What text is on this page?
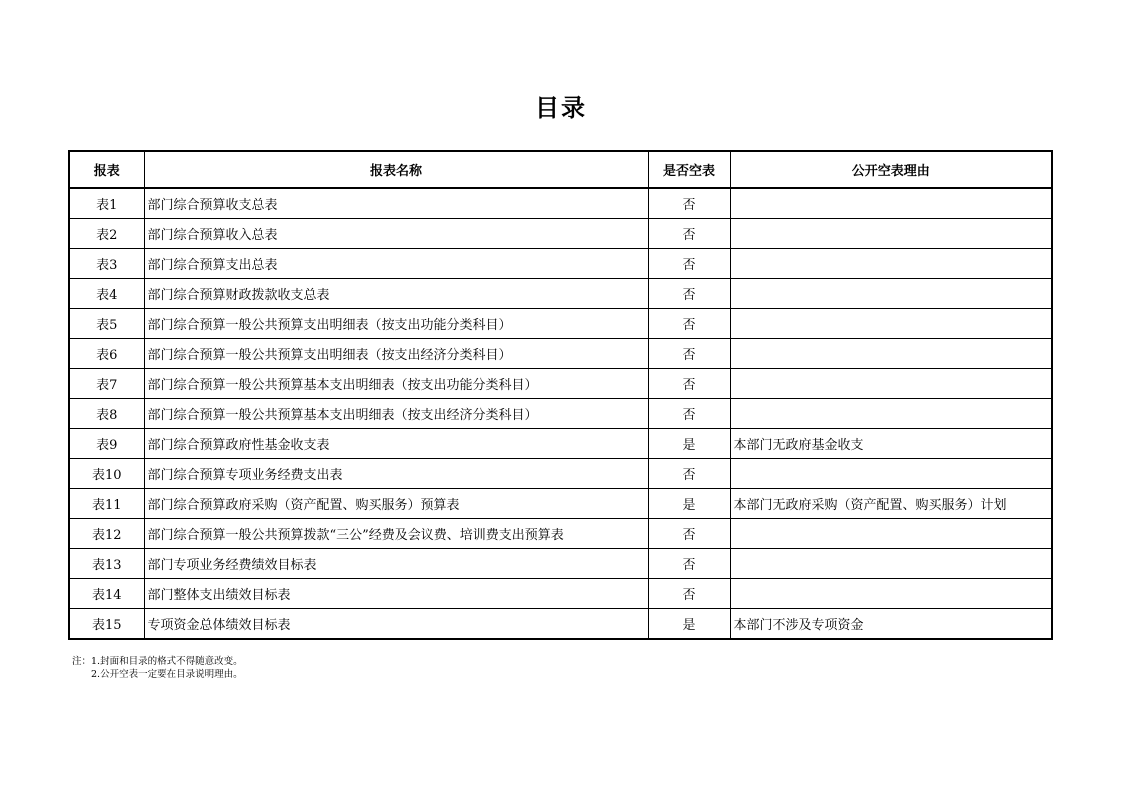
目录
报表	报表名称	是否空表	公开空表理由
表1	部门综合预算收支总表	否	
表2	部门综合预算收入总表	否	
表3	部门综合预算支出总表	否	
表4	部门综合预算财政拨款收支总表	否	
表5	部门综合预算一般公共预算支出明细表（按支出功能分类科目）	否	
表6	部门综合预算一般公共预算支出明细表（按支出经济分类科目）	否	
表7	部门综合预算一般公共预算基本支出明细表（按支出功能分类科目）	否	
表8	部门综合预算一般公共预算基本支出明细表（按支出经济分类科目）	否	
表9	部门综合预算政府性基金收支表	是	本部门无政府基金收支
表10	部门综合预算专项业务经费支出表	否	
表11	部门综合预算政府采购（资产配置、购买服务）预算表	是	本部门无政府采购（资产配置、购买服务）计划
表12	部门综合预算一般公共预算拨款“三公”经费及会议费、培训费支出预算表	否	
表13	部门专项业务经费绩效目标表	否	
表14	部门整体支出绩效目标表	否	
表15	专项资金总体绩效目标表	是	本部门不涉及专项资金
注：1.封面和目录的格式不得随意改变。
2.公开空表一定要在目录说明理由。
